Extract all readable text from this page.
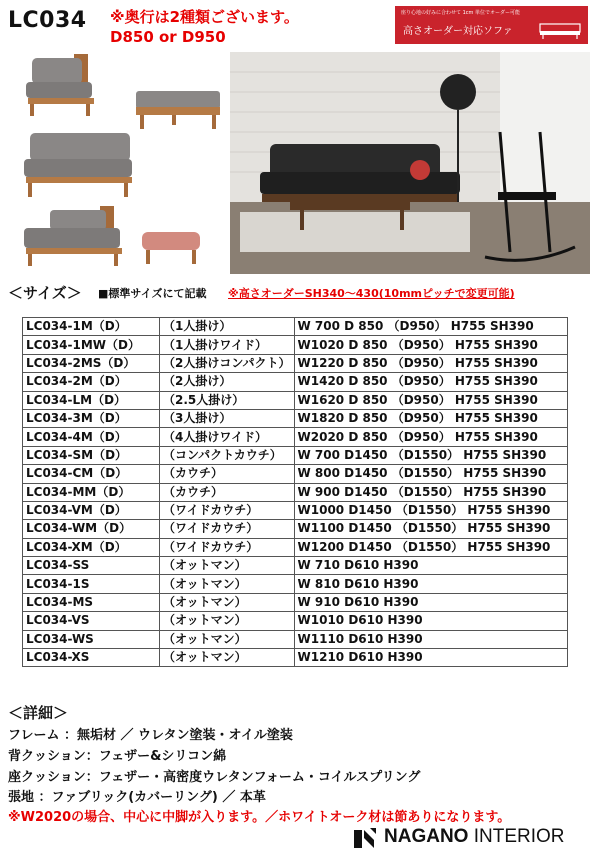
LC034 ※奥行は2種類ございます。
D850 or D950
座り心地の好みに合わせて 1cm 単位でオーダー可能
高さオーダー対応ソファ
＜サイズ＞ ■標準サイズにて記載 ※高さオーダーSH340～430(10mmピッチで変更可能)
LC034-1M（D）	（1人掛け）	W 700 D 850 （D950） H755 SH390
LC034-1MW（D）	（1人掛けワイド）	W1020 D 850 （D950） H755 SH390
LC034-2MS（D）	（2人掛けコンパクト）	W1220 D 850 （D950） H755 SH390
LC034-2M（D）	（2人掛け）	W1420 D 850 （D950） H755 SH390
LC034-LM（D）	（2.5人掛け）	W1620 D 850 （D950） H755 SH390
LC034-3M（D）	（3人掛け）	W1820 D 850 （D950） H755 SH390
LC034-4M（D）	（4人掛けワイド）	W2020 D 850 （D950） H755 SH390
LC034-SM（D）	（コンパクトカウチ）	W 700 D1450 （D1550） H755 SH390
LC034-CM（D）	（カウチ）	W 800 D1450 （D1550） H755 SH390
LC034-MM（D）	（カウチ）	W 900 D1450 （D1550） H755 SH390
LC034-VM（D）	（ワイドカウチ）	W1000 D1450 （D1550） H755 SH390
LC034-WM（D）	（ワイドカウチ）	W1100 D1450 （D1550） H755 SH390
LC034-XM（D）	（ワイドカウチ）	W1200 D1450 （D1550） H755 SH390
LC034-SS	（オットマン）	W 710 D610 H390
LC034-1S	（オットマン）	W 810 D610 H390
LC034-MS	（オットマン）	W 910 D610 H390
LC034-VS	（オットマン）	W1010 D610 H390
LC034-WS	（オットマン）	W1110 D610 H390
LC034-XS	（オットマン）	W1210 D610 H390
＜詳細＞
フレーム ：無垢材 ／ ウレタン塗装・オイル塗装
背クッション：フェザー&シリコン綿
座クッション：フェザー・高密度ウレタンフォーム・コイルスプリング
張地 ：ファブリック(カバーリング) ／ 本革
※W2020の場合、中心に中脚が入ります。／ホワイトオーク材は節ありになります。
NAGANO INTERIOR
